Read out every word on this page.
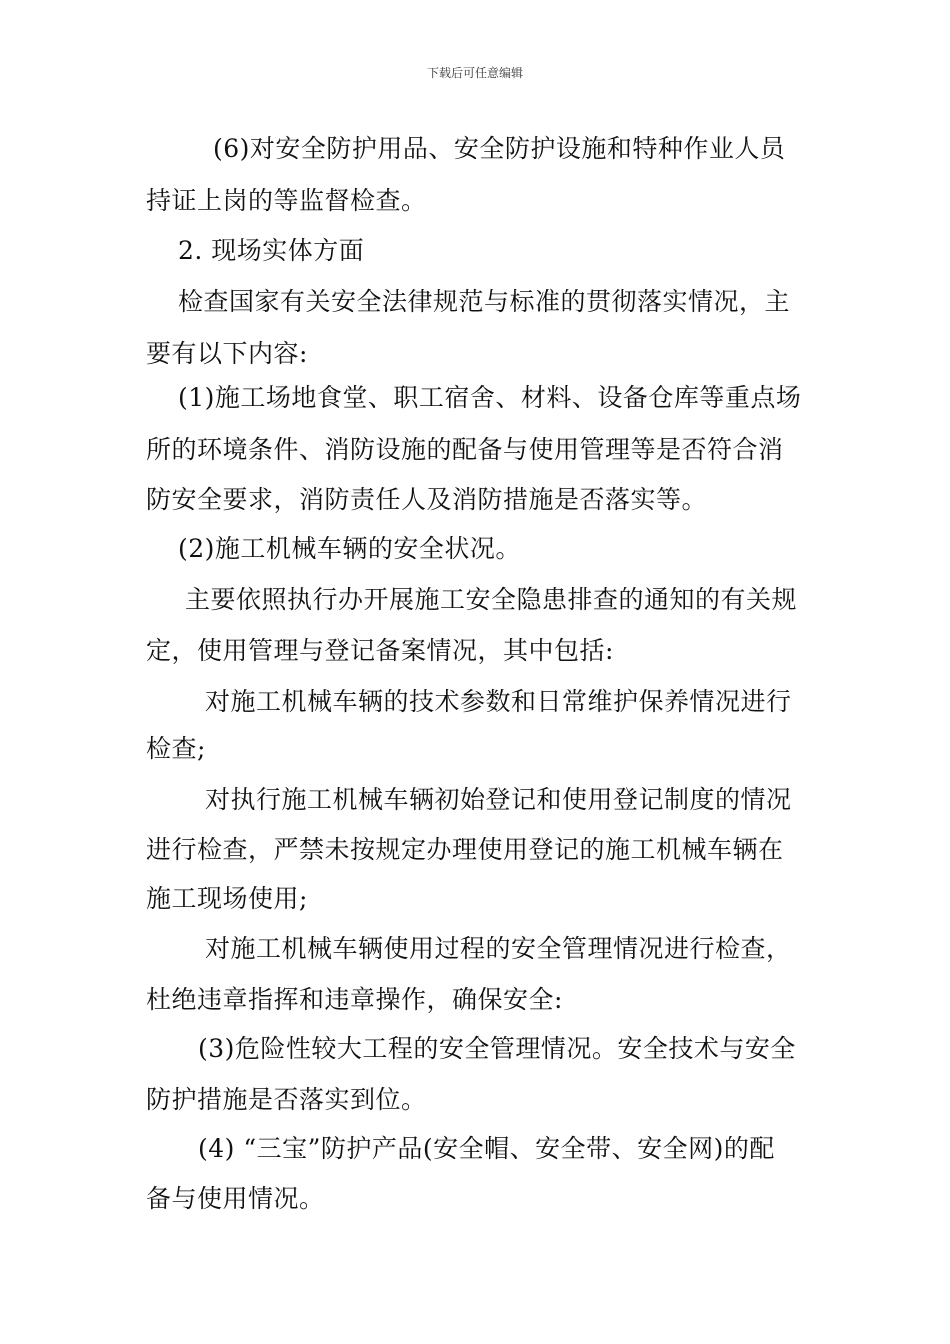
下载后可任意编辑
(6)对安全防护用品、安全防护设施和特种作业人员
持证上岗的等监督检查。
2. 现场实体方面
检查国家有关安全法律规范与标准的贯彻落实情况，主
要有以下内容:
(1)施工场地食堂、职工宿舍、材料、设备仓库等重点场
所的环境条件、消防设施的配备与使用管理等是否符合消
防安全要求，消防责任人及消防措施是否落实等。
(2)施工机械车辆的安全状况。
主要依照执行办开展施工安全隐患排查的通知的有关规
定，使用管理与登记备案情况，其中包括:
对施工机械车辆的技术参数和日常维护保养情况进行
检查;
对执行施工机械车辆初始登记和使用登记制度的情况
进行检查，严禁未按规定办理使用登记的施工机械车辆在
施工现场使用;
对施工机械车辆使用过程的安全管理情况进行检查，
杜绝违章指挥和违章操作，确保安全:
(3)危险性较大工程的安全管理情况。安全技术与安全
防护措施是否落实到位。
(4) “三宝”防护产品(安全帽、安全带、安全网)的配
备与使用情况。
